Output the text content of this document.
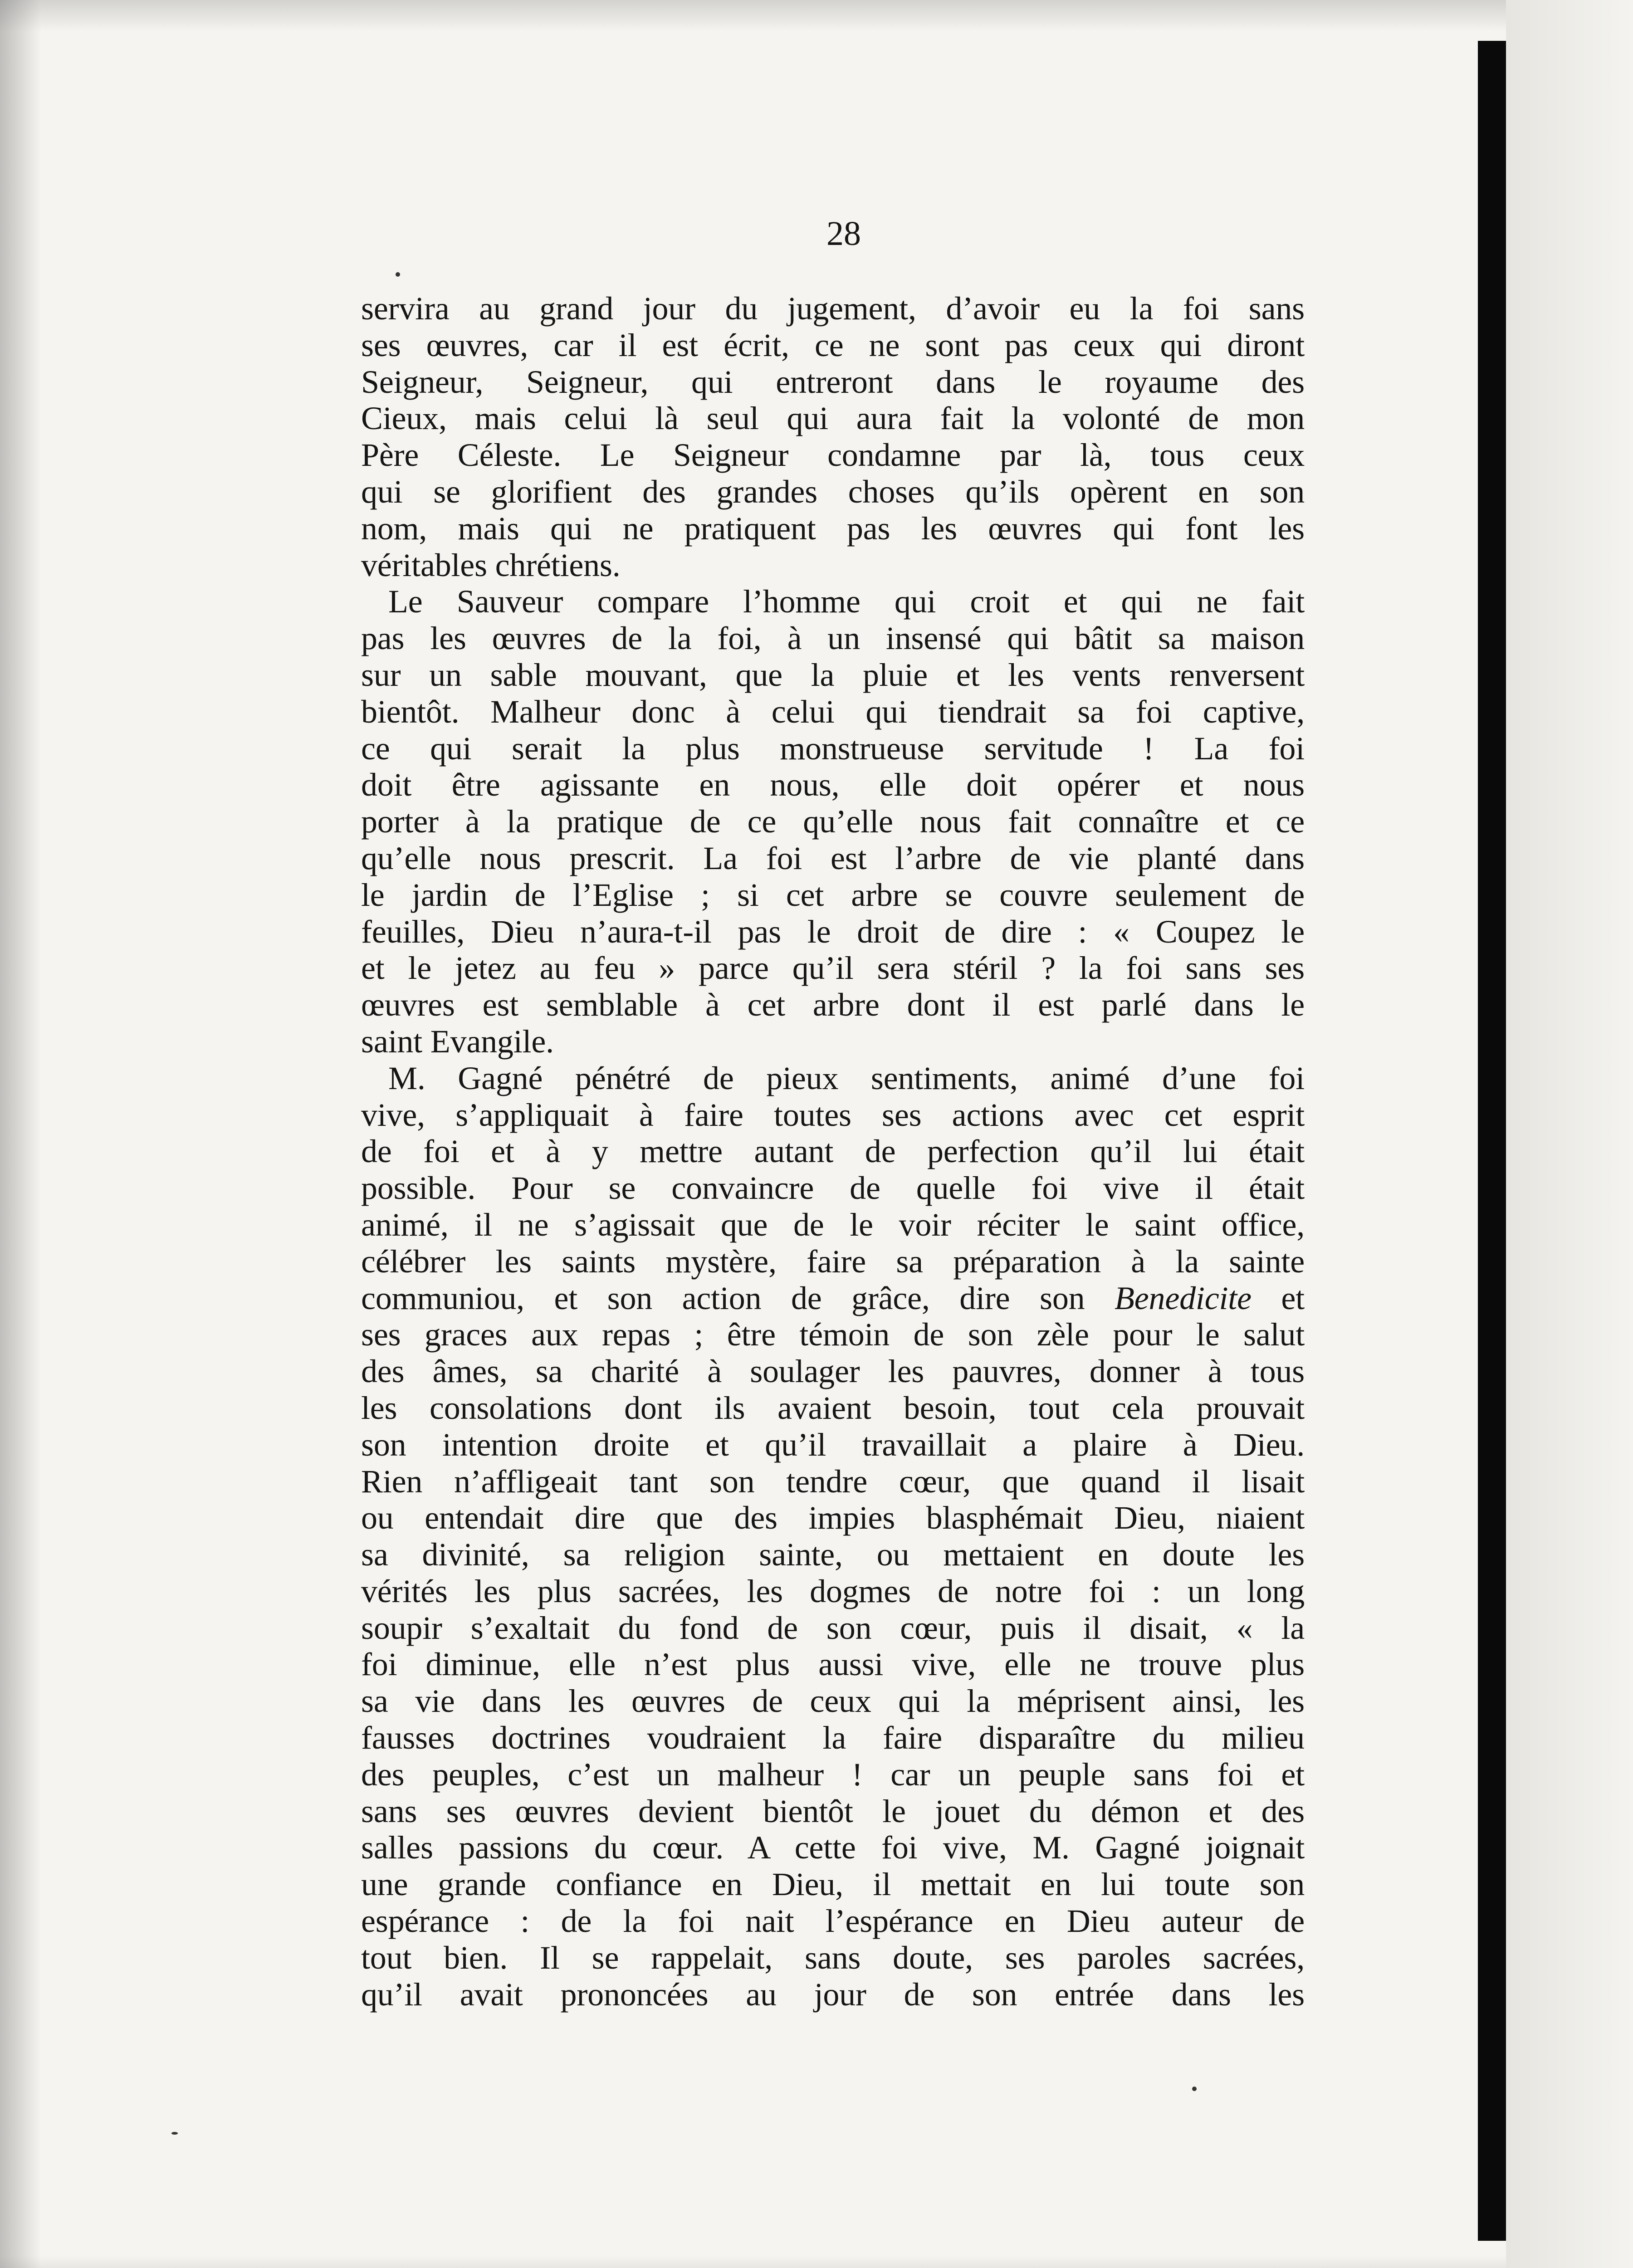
28
servira au grand jour du jugement, d’avoir eu la foi sans
ses œuvres, car il est écrit, ce ne sont pas ceux qui diront
Seigneur, Seigneur, qui entreront dans le royaume des
Cieux, mais celui là seul qui aura fait la volonté de mon
Père Céleste. Le Seigneur condamne par là, tous ceux
qui se glorifient des grandes choses qu’ils opèrent en son
nom, mais qui ne pratiquent pas les œuvres qui font les
véritables chrétiens.
Le Sauveur compare l’homme qui croit et qui ne fait
pas les œuvres de la foi, à un insensé qui bâtit sa maison
sur un sable mouvant, que la pluie et les vents renversent
bientôt. Malheur donc à celui qui tiendrait sa foi captive,
ce qui serait la plus monstrueuse servitude ! La foi
doit être agissante en nous, elle doit opérer et nous
porter à la pratique de ce qu’elle nous fait connaître et ce
qu’elle nous prescrit. La foi est l’arbre de vie planté dans
le jardin de l’Eglise ; si cet arbre se couvre seulement de
feuilles, Dieu n’aura-t-il pas le droit de dire : « Coupez le
et le jetez au feu » parce qu’il sera stéril ? la foi sans ses
œuvres est semblable à cet arbre dont il est parlé dans le
saint Evangile.
M. Gagné pénétré de pieux sentiments, animé d’une foi
vive, s’appliquait à faire toutes ses actions avec cet esprit
de foi et à y mettre autant de perfection qu’il lui était
possible. Pour se convaincre de quelle foi vive il était
animé, il ne s’agissait que de le voir réciter le saint office,
célébrer les saints mystère, faire sa préparation à la sainte
communiou, et son action de grâce, dire son Benedicite et
ses graces aux repas ; être témoin de son zèle pour le salut
des âmes, sa charité à soulager les pauvres, donner à tous
les consolations dont ils avaient besoin, tout cela prouvait
son intention droite et qu’il travaillait a plaire à Dieu.
Rien n’affligeait tant son tendre cœur, que quand il lisait
ou entendait dire que des impies blasphémait Dieu, niaient
sa divinité, sa religion sainte, ou mettaient en doute les
vérités les plus sacrées, les dogmes de notre foi : un long
soupir s’exaltait du fond de son cœur, puis il disait, « la
foi diminue, elle n’est plus aussi vive, elle ne trouve plus
sa vie dans les œuvres de ceux qui la méprisent ainsi, les
fausses doctrines voudraient la faire disparaître du milieu
des peuples, c’est un malheur ! car un peuple sans foi et
sans ses œuvres devient bientôt le jouet du démon et des
salles passions du cœur. A cette foi vive, M. Gagné joignait
une grande confiance en Dieu, il mettait en lui toute son
espérance : de la foi nait l’espérance en Dieu auteur de
tout bien. Il se rappelait, sans doute, ses paroles sacrées,
qu’il avait prononcées au jour de son entrée dans les
